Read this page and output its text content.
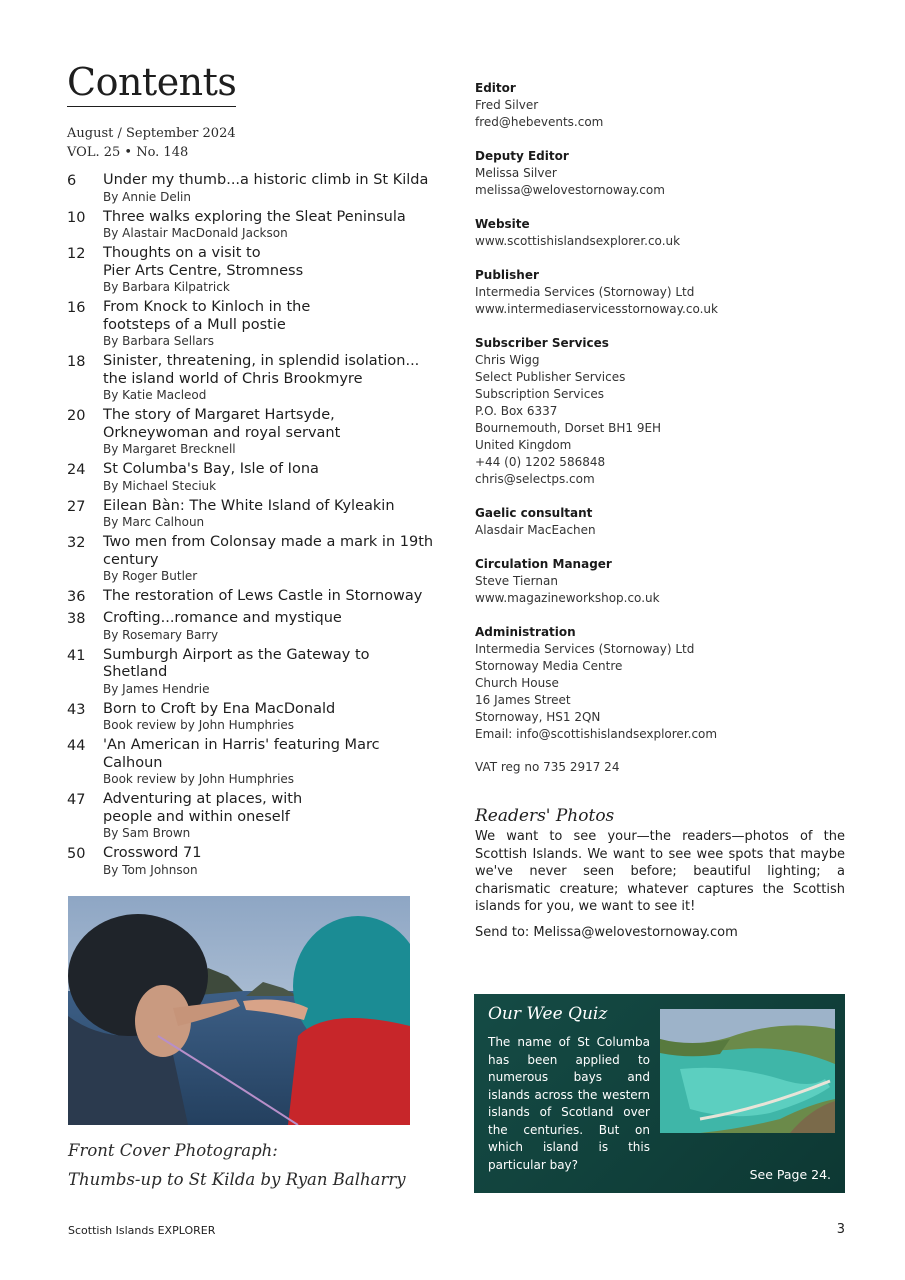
Contents
August / September 2024
VOL. 25 • No. 148
6	Under my thumb...a historic climb in St Kilda
By Annie Delin
10	Three walks exploring the Sleat Peninsula
By Alastair MacDonald Jackson
12	Thoughts on a visit to
Pier Arts Centre, Stromness
By Barbara Kilpatrick
16	From Knock to Kinloch in the
footsteps of a Mull postie
By Barbara Sellars
18	Sinister, threatening, in splendid isolation...
the island world of Chris Brookmyre
By Katie Macleod
20	The story of Margaret Hartsyde,
Orkneywoman and royal servant
By Margaret Brecknell
24	St Columba's Bay, Isle of Iona
By Michael Steciuk
27	Eilean Bàn: The White Island of Kyleakin
By Marc Calhoun
32	Two men from Colonsay made a mark in 19th
century
By Roger Butler
36	The restoration of Lews Castle in Stornoway
38	Crofting...romance and mystique
By Rosemary Barry
41	Sumburgh Airport as the Gateway to Shetland
By James Hendrie
43	Born to Croft by Ena MacDonald
Book review by John Humphries
44	'An American in Harris' featuring Marc Calhoun
Book review by John Humphries
47	Adventuring at places, with
people and within oneself
By Sam Brown
50	Crossword 71
By Tom Johnson
Front Cover Photograph:
Thumbs-up to St Kilda by Ryan Balharry
Editor
Fred Silver
fred@hebevents.com
Deputy Editor
Melissa Silver
melissa@welovestornoway.com
Website
www.scottishislandsexplorer.co.uk
Publisher
Intermedia Services (Stornoway) Ltd
www.intermediaservicesstornoway.co.uk
Subscriber Services
Chris Wigg
Select Publisher Services
Subscription Services
P.O. Box 6337
Bournemouth, Dorset BH1 9EH
United Kingdom
+44 (0) 1202 586848
chris@selectps.com
Gaelic consultant
Alasdair MacEachen
Circulation Manager
Steve Tiernan
www.magazineworkshop.co.uk
Administration
Intermedia Services (Stornoway) Ltd
Stornoway Media Centre
Church House
16 James Street
Stornoway, HS1 2QN
Email: info@scottishislandsexplorer.com
VAT reg no 735 2917 24
Readers' Photos

We want to see your—the readers—photos of the Scottish Islands. We want to see wee spots that maybe we've never seen before; beautiful lighting; a charismatic creature; whatever captures the Scottish islands for you, we want to see it!

Send to: Melissa@welovestornoway.com

Our Wee Quiz
The name of St Columba has been applied to numerous bays and islands across the western islands of Scotland over the centuries. But on which island is this particular bay?
See Page 24.
Scottish Islands EXPLORER	3
